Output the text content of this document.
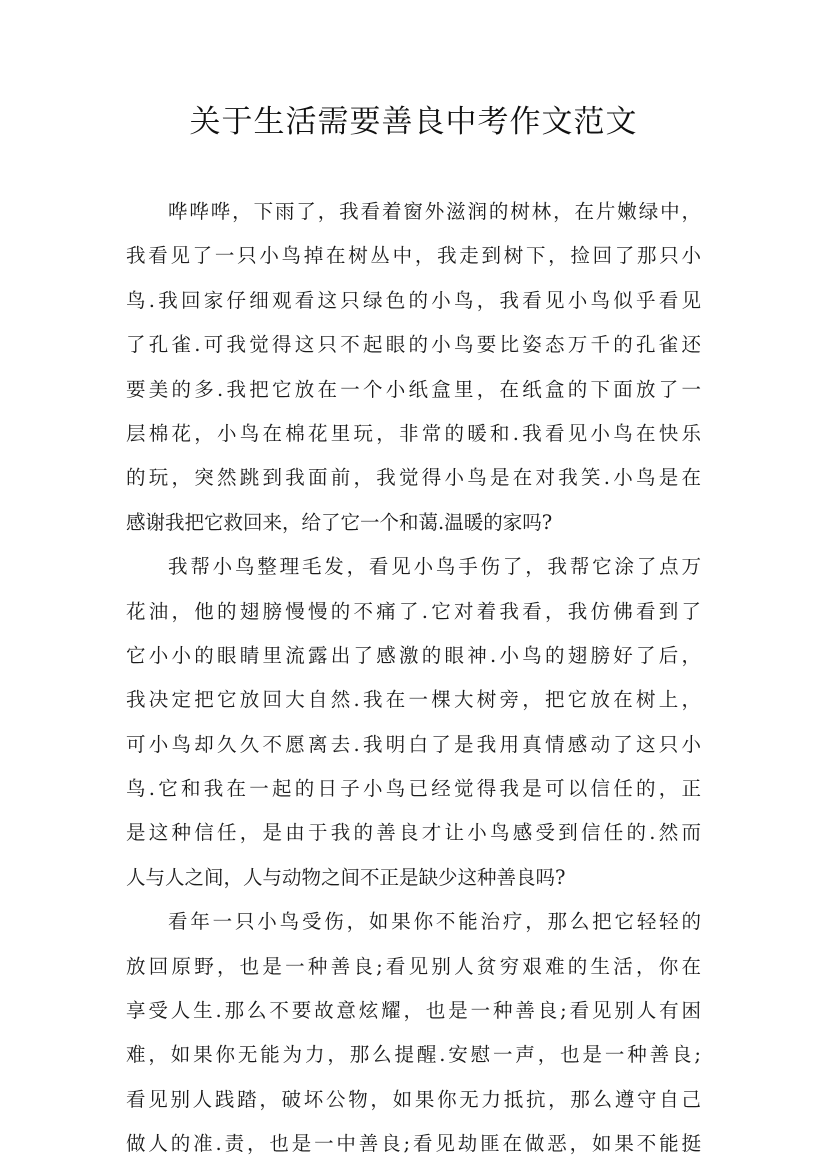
关于生活需要善良中考作文范文
哗哗哗，下雨了，我看着窗外滋润的树林，在片嫩绿中，
我看见了一只小鸟掉在树丛中，我走到树下，捡回了那只小
鸟.我回家仔细观看这只绿色的小鸟，我看见小鸟似乎看见
了孔雀.可我觉得这只不起眼的小鸟要比姿态万千的孔雀还
要美的多.我把它放在一个小纸盒里，在纸盒的下面放了一
层棉花，小鸟在棉花里玩，非常的暖和.我看见小鸟在快乐
的玩，突然跳到我面前，我觉得小鸟是在对我笑.小鸟是在
感谢我把它救回来，给了它一个和蔼.温暖的家吗?
我帮小鸟整理毛发，看见小鸟手伤了，我帮它涂了点万
花油，他的翅膀慢慢的不痛了.它对着我看，我仿佛看到了
它小小的眼睛里流露出了感激的眼神.小鸟的翅膀好了后，
我决定把它放回大自然.我在一棵大树旁，把它放在树上，
可小鸟却久久不愿离去.我明白了是我用真情感动了这只小
鸟.它和我在一起的日子小鸟已经觉得我是可以信任的，正
是这种信任，是由于我的善良才让小鸟感受到信任的.然而
人与人之间，人与动物之间不正是缺少这种善良吗?
看年一只小鸟受伤，如果你不能治疗，那么把它轻轻的
放回原野，也是一种善良;看见别人贫穷艰难的生活，你在
享受人生.那么不要故意炫耀，也是一种善良;看见别人有困
难，如果你无能为力，那么提醒.安慰一声，也是一种善良;
看见别人践踏，破坏公物，如果你无力抵抗，那么遵守自己
做人的准.责，也是一中善良;看见劫匪在做恶，如果不能挺
